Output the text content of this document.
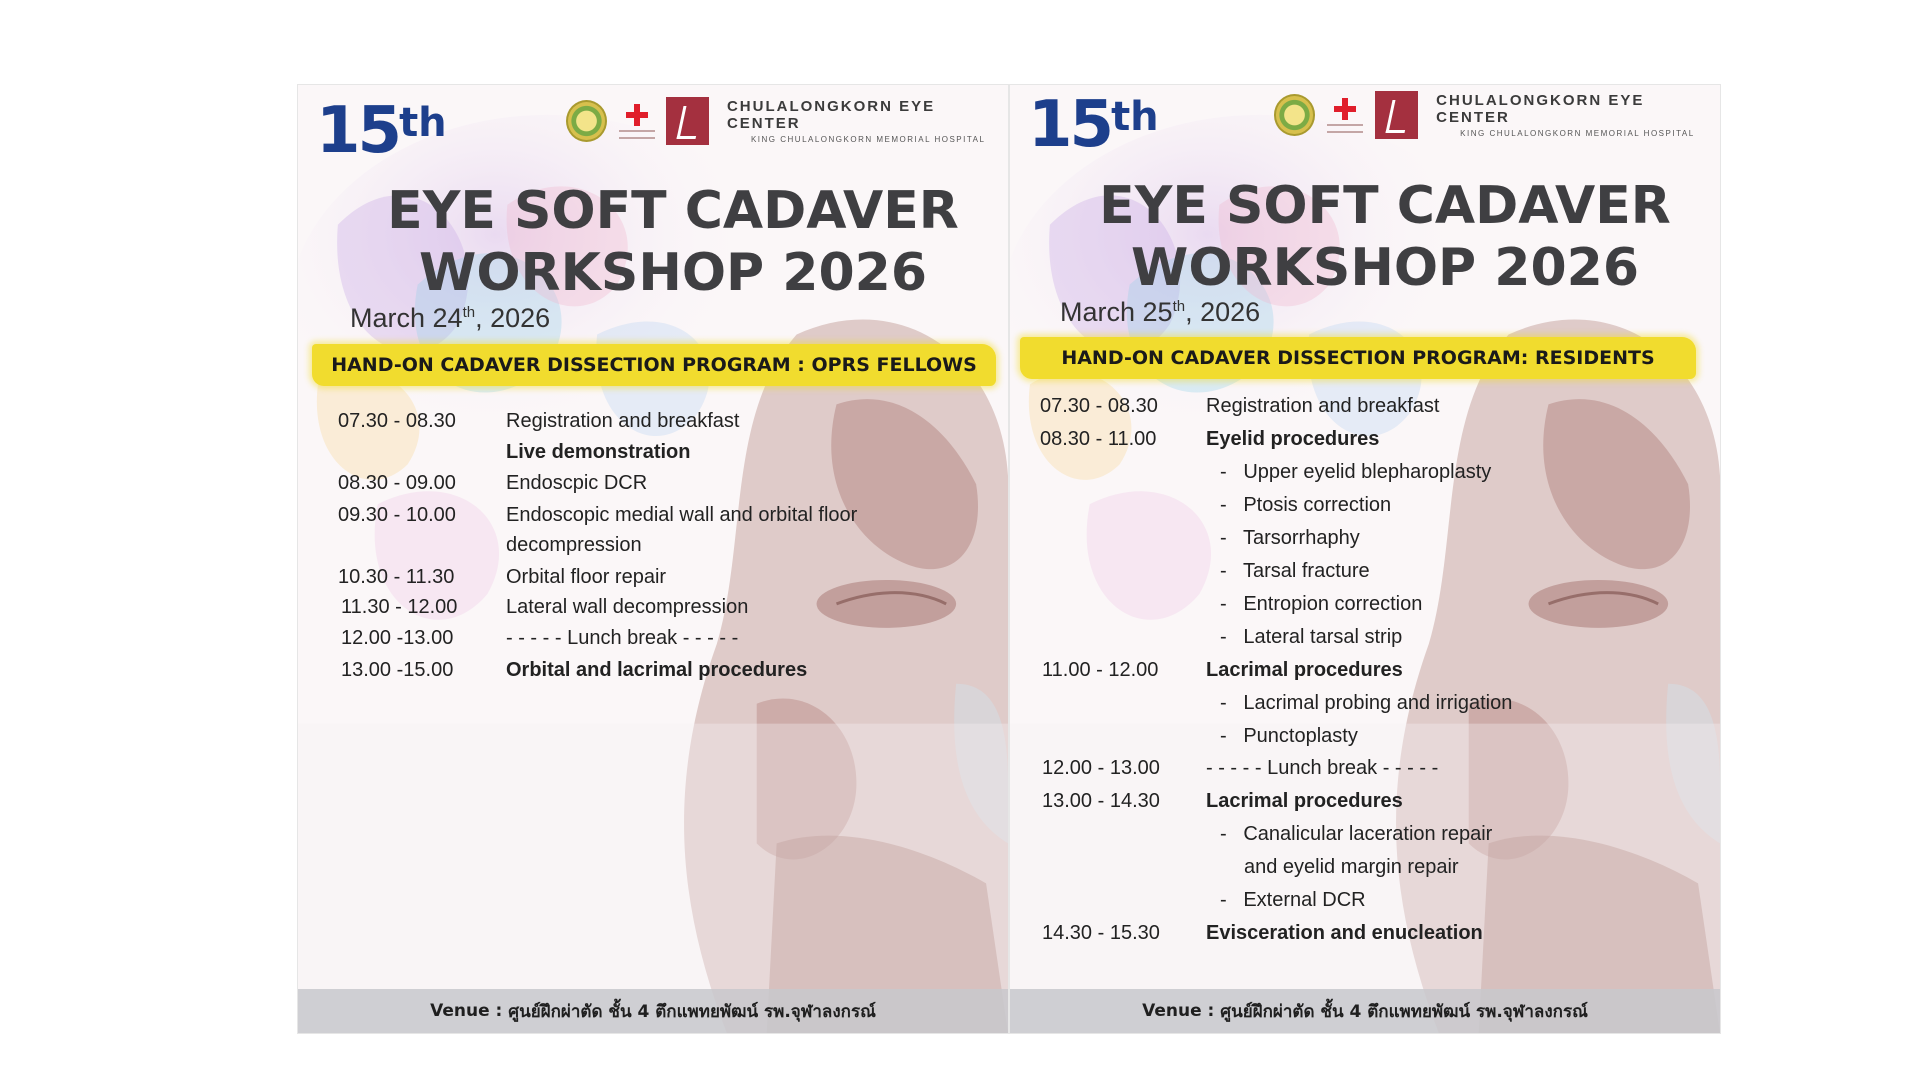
15th	CHULALONGKORN EYE CENTER
KING CHULALONGKORN MEMORIAL HOSPITAL
EYE SOFT CADAVER
WORKSHOP 2026
March 24th, 2026
HAND-ON CADAVER DISSECTION PROGRAM : OPRS FELLOWS
07.30 - 08.30	Registration and breakfast
Live demonstration
08.30 - 09.00	Endoscpic DCR
09.30 - 10.00	Endoscopic medial wall and orbital floor
decompression
10.30 - 11.30	Orbital floor repair
11.30 - 12.00 Lateral wall decompression
12.00 -13.00	- - - - - Lunch break - - - - -
13.00 -15.00	Orbital and lacrimal procedures
Venue :
ศูนย์ฝึกผ่าตัด ชั้น 4 ตึกแพทยพัฒน์ รพ.จุฬาลงกรณ์
15th	CHULALONGKORN EYE CENTER
KING CHULALONGKORN MEMORIAL HOSPITAL
EYE SOFT CADAVER
WORKSHOP 2026
March 25th, 2026
HAND-ON CADAVER DISSECTION PROGRAM: RESIDENTS
07.30 - 08.30 Registration and breakfast
08.30 - 11.00 Eyelid procedures
-   Upper eyelid blepharoplasty
-   Ptosis correction
-   Tarsorrhaphy
-   Tarsal fracture
-   Entropion correction
-   Lateral tarsal strip
11.00 - 12.00 Lacrimal procedures
-   Lacrimal probing and irrigation
-   Punctoplasty
12.00 - 13.00 - - - - - Lunch break - - - - -
13.00 - 14.30 Lacrimal procedures
-   Canalicular laceration repair
and eyelid margin repair
-   External DCR
14.30 - 15.30 Evisceration and enucleation
Venue :
ศูนย์ฝึกผ่าตัด ชั้น 4 ตึกแพทยพัฒน์ รพ.จุฬาลงกรณ์
